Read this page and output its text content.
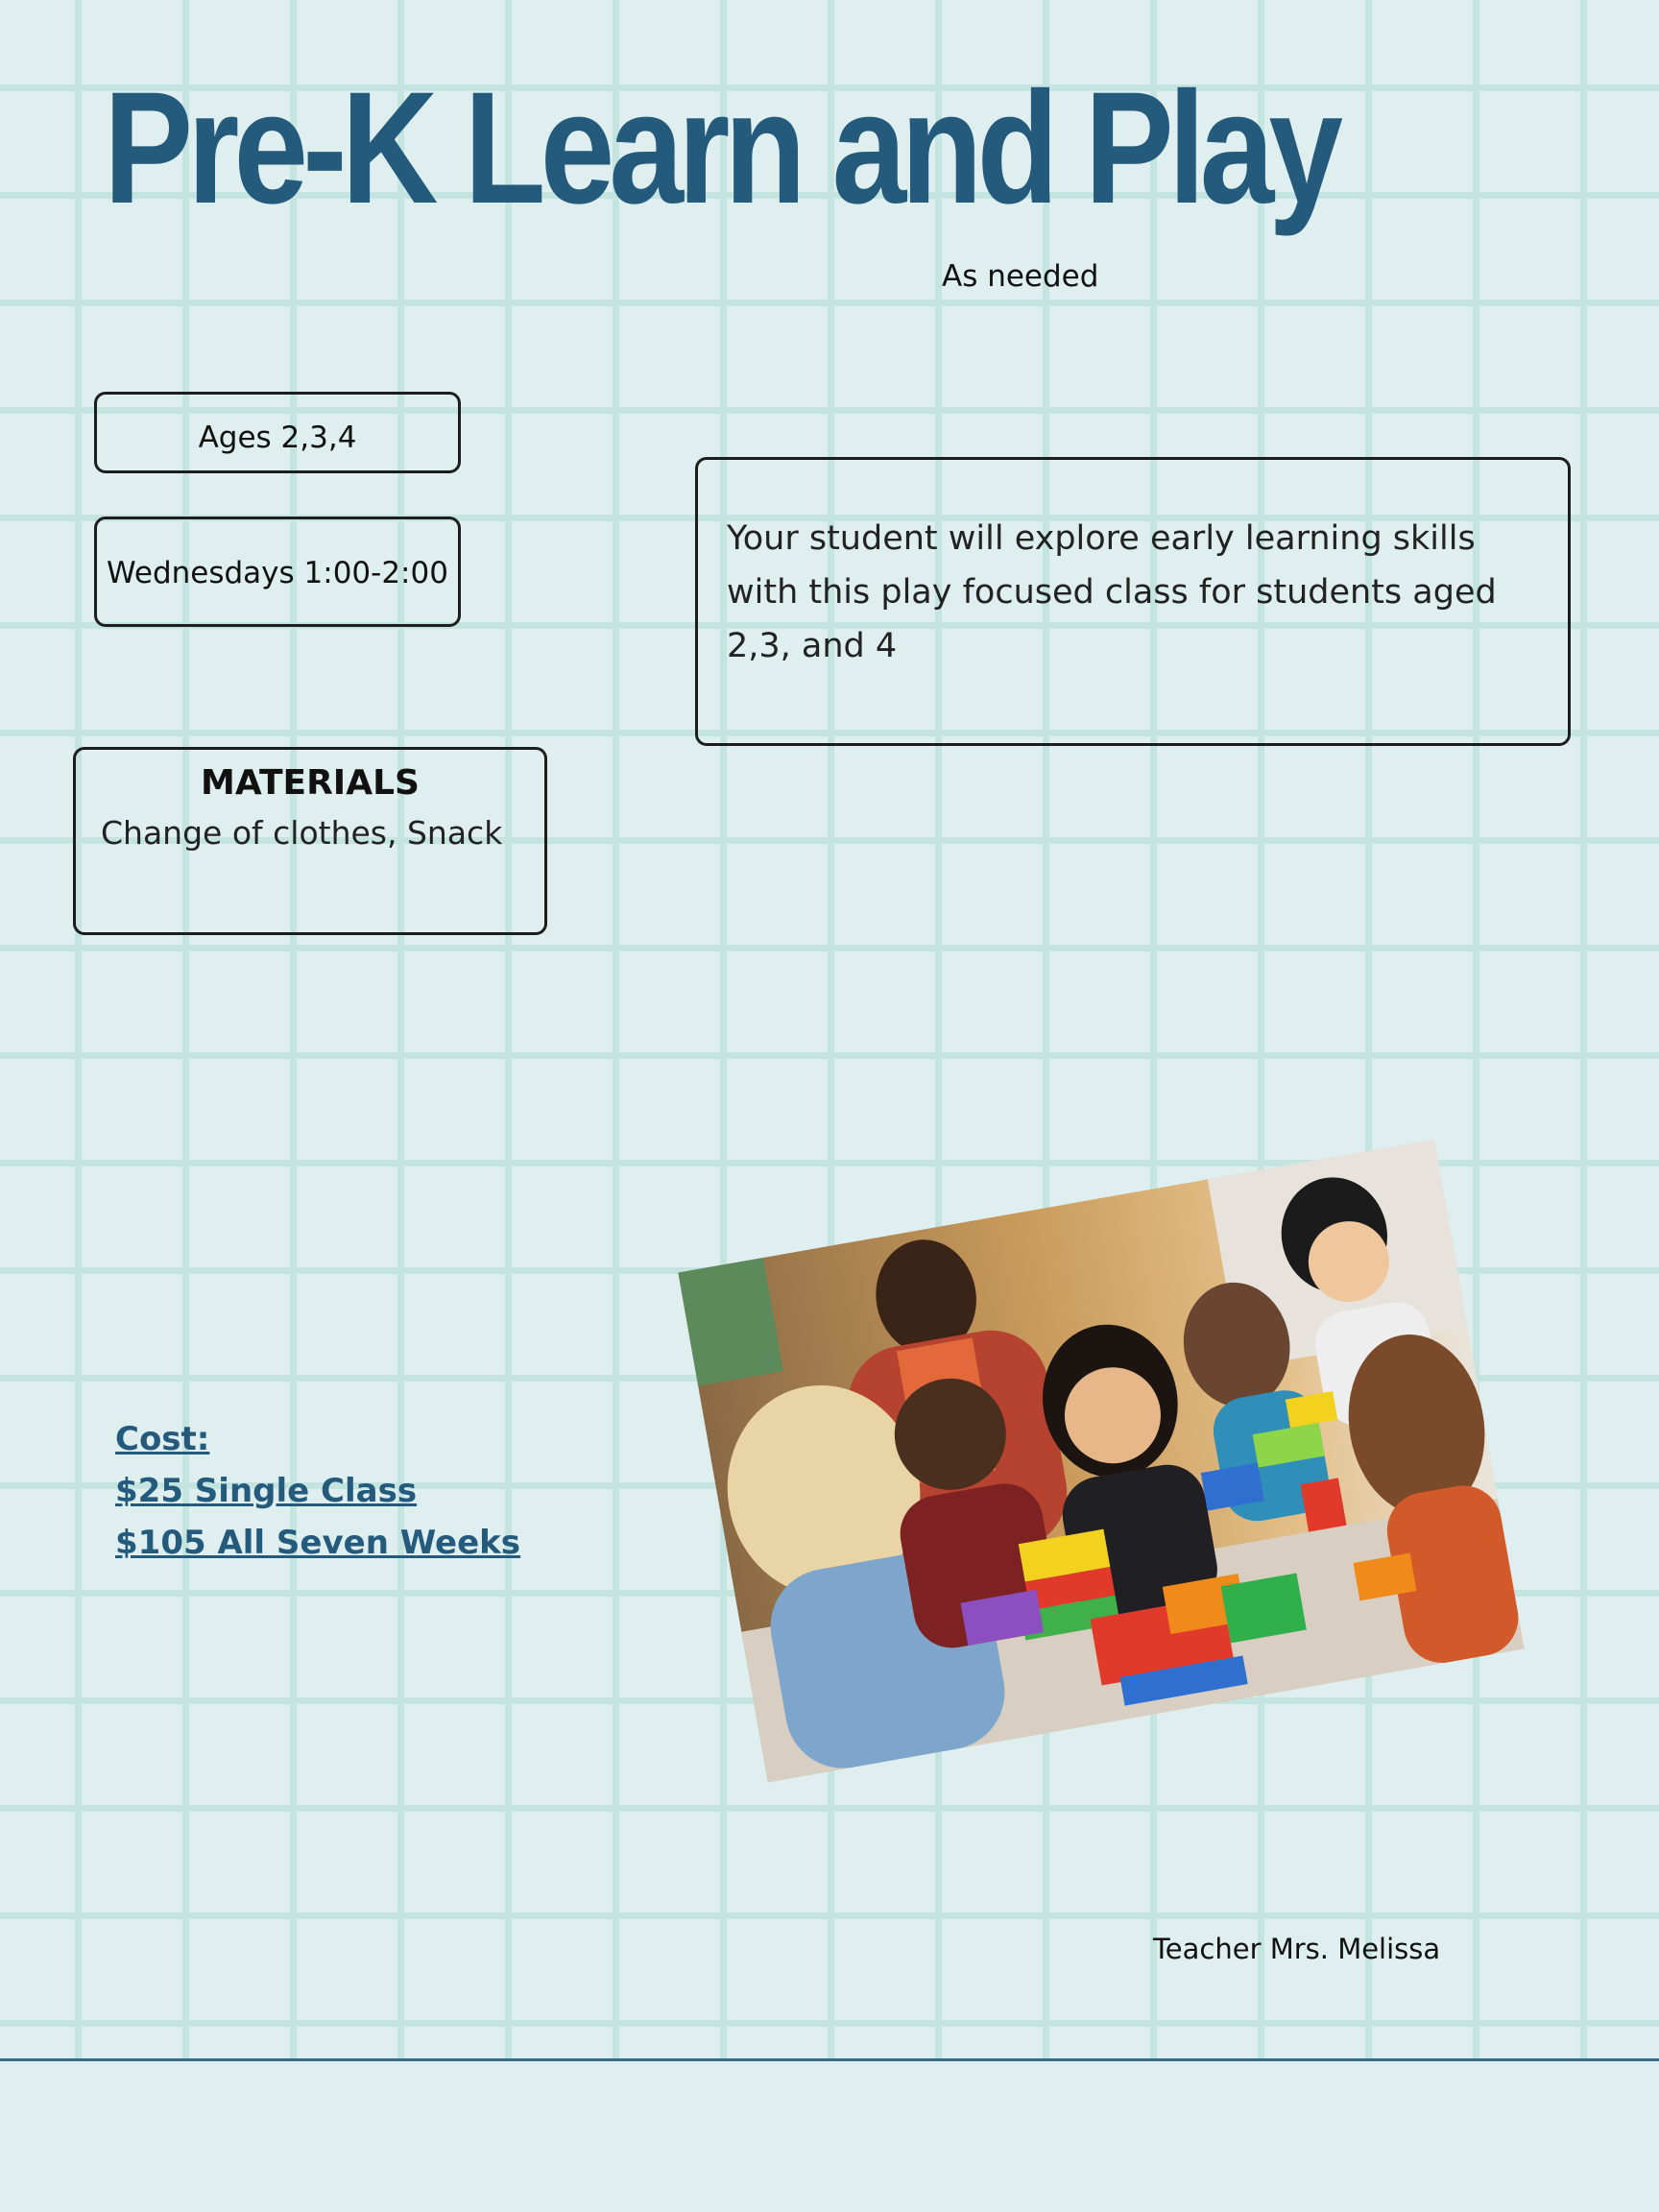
Pre-K Learn and Play
As needed
Ages 2,3,4
Wednesdays 1:00-2:00

Your student will explore early learning skills with this play focused class for students aged 2,3, and 4

MATERIALS
Change of clothes, Snack
Cost:
$25 Single Class
$105 All Seven Weeks
Teacher Mrs. Melissa
